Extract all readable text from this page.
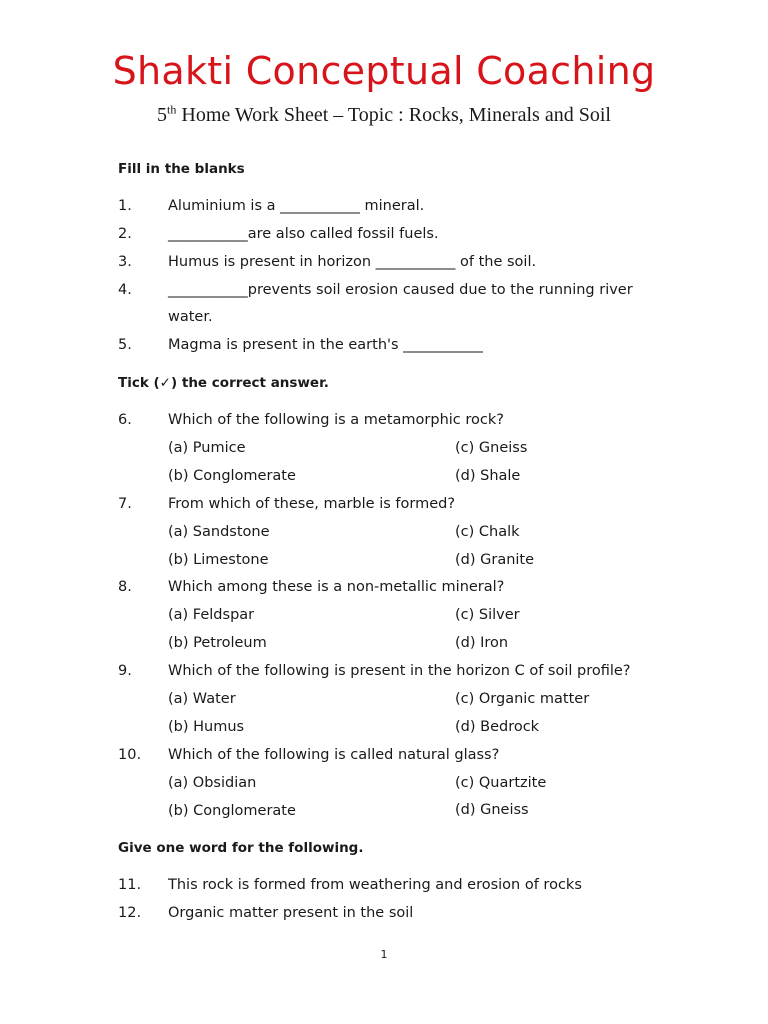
Shakti Conceptual Coaching
5th Home Work Sheet – Topic : Rocks, Minerals and Soil
Fill in the blanks
1. Aluminium is a ___________ mineral.
2. ___________are also called fossil fuels.
3. Humus is present in horizon ___________ of the soil.
4. ___________prevents soil erosion caused due to the running river
water.
5. Magma is present in the earth's ___________
Tick (✓) the correct answer.
6. Which of the following is a metamorphic rock?
(a) Pumice	(c) Gneiss
(b) Conglomerate	(d) Shale
7. From which of these, marble is formed?
(a) Sandstone	(c) Chalk
(b) Limestone	(d) Granite
8. Which among these is a non-metallic mineral?
(a) Feldspar	(c) Silver
(b) Petroleum	(d) Iron
9. Which of the following is present in the horizon C of soil profile?
(a) Water	(c) Organic matter
(b) Humus	(d) Bedrock
10. Which of the following is called natural glass?
(a) Obsidian	(c) Quartzite
(b) Conglomerate	(d) Gneiss
Give one word for the following.
11. This rock is formed from weathering and erosion of rocks
12. Organic matter present in the soil
1
